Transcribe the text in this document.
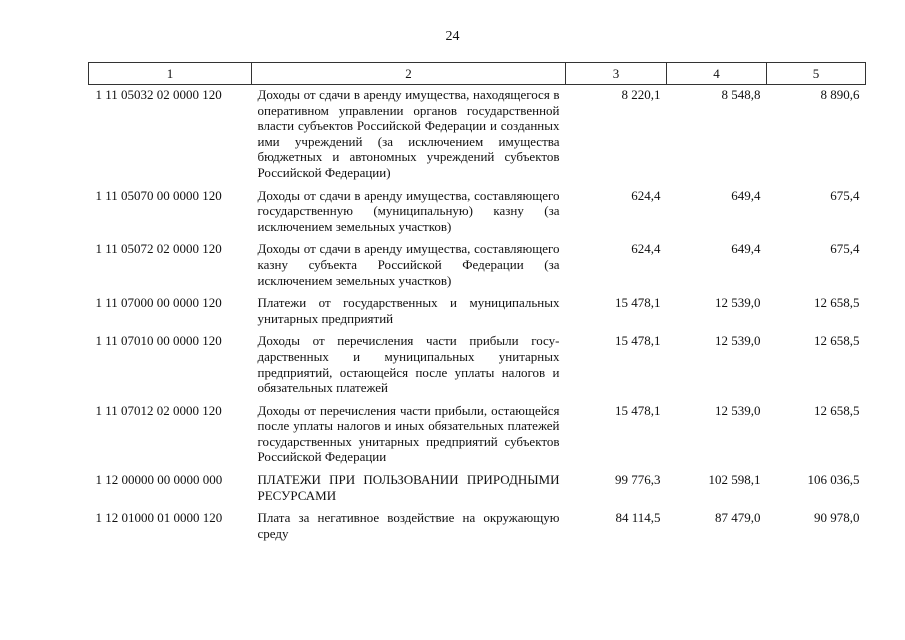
24
1	2	3	4	5
1 11 05032 02 0000 120	Доходы от сдачи в аренду имущества, находящегося в оперативном управлении органов государственной власти субъектов Российской Федерации и созданных ими учреждений (за исключением имущества бюджетных и автономных учреждений субъектов Российской Федерации)	8 220,1	8 548,8	8 890,6
1 11 05070 00 0000 120	Доходы от сдачи в аренду имущества, составляющего государственную (муниципальную) казну (за исключением земельных участков)	624,4	649,4	675,4
1 11 05072 02 0000 120	Доходы от сдачи в аренду имущества, составляющего казну субъекта Российской Федерации (за исключением земельных участков)	624,4	649,4	675,4
1 11 07000 00 0000 120	Платежи от государственных и муниципальных унитарных предприятий	15 478,1	12 539,0	12 658,5
1 11 07010 00 0000 120	Доходы от перечисления части прибыли государственных и муниципальных унитарных предприятий, остающейся после уплаты налогов и обязательных платежей	15 478,1	12 539,0	12 658,5
1 11 07012 02 0000 120	Доходы от перечисления части прибыли, остающейся после уплаты налогов и иных обязательных платежей государственных унитарных предприятий субъектов Российской Федерации	15 478,1	12 539,0	12 658,5
1 12 00000 00 0000 000	ПЛАТЕЖИ ПРИ ПОЛЬЗОВАНИИ ПРИРОДНЫМИ РЕСУРСАМИ	99 776,3	102 598,1	106 036,5
1 12 01000 01 0000 120	Плата за негативное воздействие на окружающую среду	84 114,5	87 479,0	90 978,0
